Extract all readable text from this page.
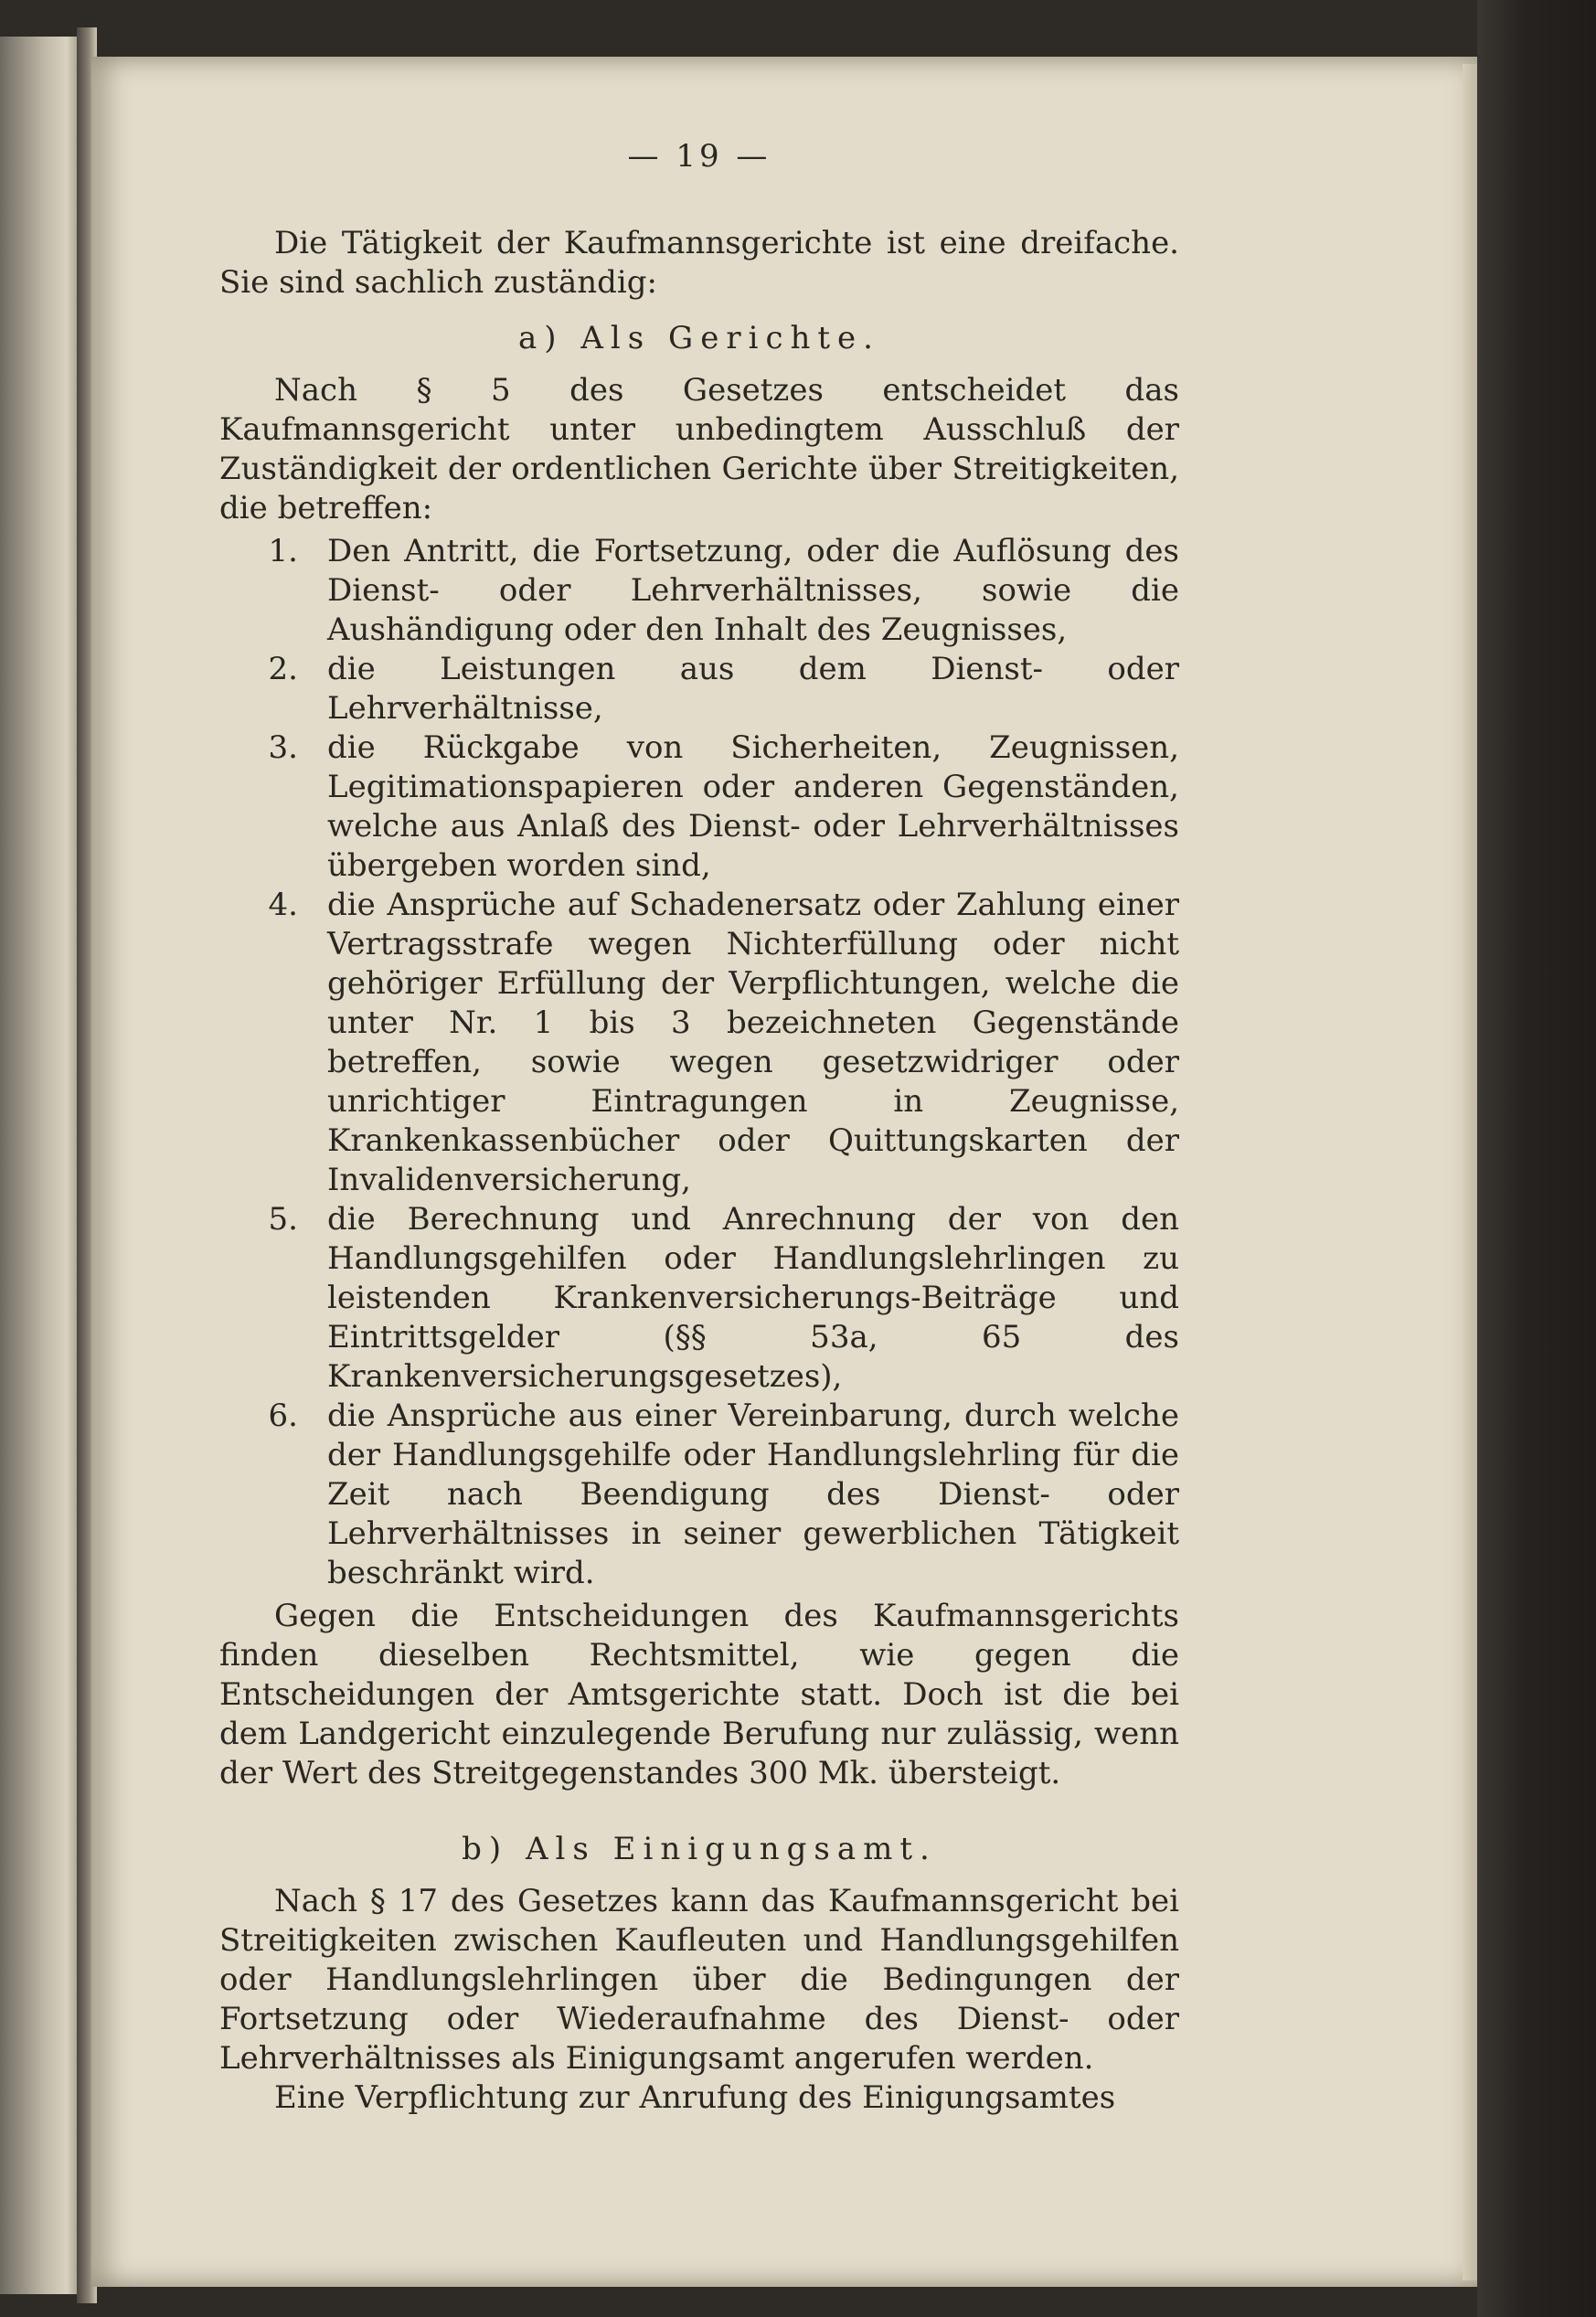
— 19 —

Die Tätigkeit der Kaufmannsgerichte ist eine dreifache. Sie sind sachlich zuständig:

a) Als Gerichte.

Nach § 5 des Gesetzes entscheidet das Kaufmannsgericht unter unbedingtem Ausschluß der Zuständigkeit der ordentlichen Gerichte über Streitigkeiten, die betreffen:

1. Den Antritt, die Fortsetzung, oder die Auflösung des Dienst- oder Lehrverhältnisses, sowie die Aushändigung oder den Inhalt des Zeugnisses,
2. die Leistungen aus dem Dienst- oder Lehrverhältnisse,
3. die Rückgabe von Sicherheiten, Zeugnissen, Legitimationspapieren oder anderen Gegenständen, welche aus Anlaß des Dienst- oder Lehrverhältnisses übergeben worden sind,
4. die Ansprüche auf Schadenersatz oder Zahlung einer Vertragsstrafe wegen Nichterfüllung oder nicht gehöriger Erfüllung der Verpflichtungen, welche die unter Nr. 1 bis 3 bezeichneten Gegenstände betreffen, sowie wegen gesetzwidriger oder unrichtiger Eintragungen in Zeugnisse, Krankenkassenbücher oder Quittungskarten der Invalidenversicherung,
5. die Berechnung und Anrechnung der von den Handlungsgehilfen oder Handlungslehrlingen zu leistenden Krankenversicherungs-Beiträge und Eintrittsgelder (§§ 53a, 65 des Krankenversicherungsgesetzes),
6. die Ansprüche aus einer Vereinbarung, durch welche der Handlungsgehilfe oder Handlungslehrling für die Zeit nach Beendigung des Dienst- oder Lehrverhältnisses in seiner gewerblichen Tätigkeit beschränkt wird.

Gegen die Entscheidungen des Kaufmannsgerichts finden dieselben Rechtsmittel, wie gegen die Entscheidungen der Amtsgerichte statt. Doch ist die bei dem Landgericht einzulegende Berufung nur zulässig, wenn der Wert des Streitgegenstandes 300 Mk. übersteigt.

b) Als Einigungsamt.

Nach § 17 des Gesetzes kann das Kaufmannsgericht bei Streitigkeiten zwischen Kaufleuten und Handlungsgehilfen oder Handlungslehrlingen über die Bedingungen der Fortsetzung oder Wiederaufnahme des Dienst- oder Lehrverhältnisses als Einigungsamt angerufen werden.

Eine Verpflichtung zur Anrufung des Einigungsamtes
